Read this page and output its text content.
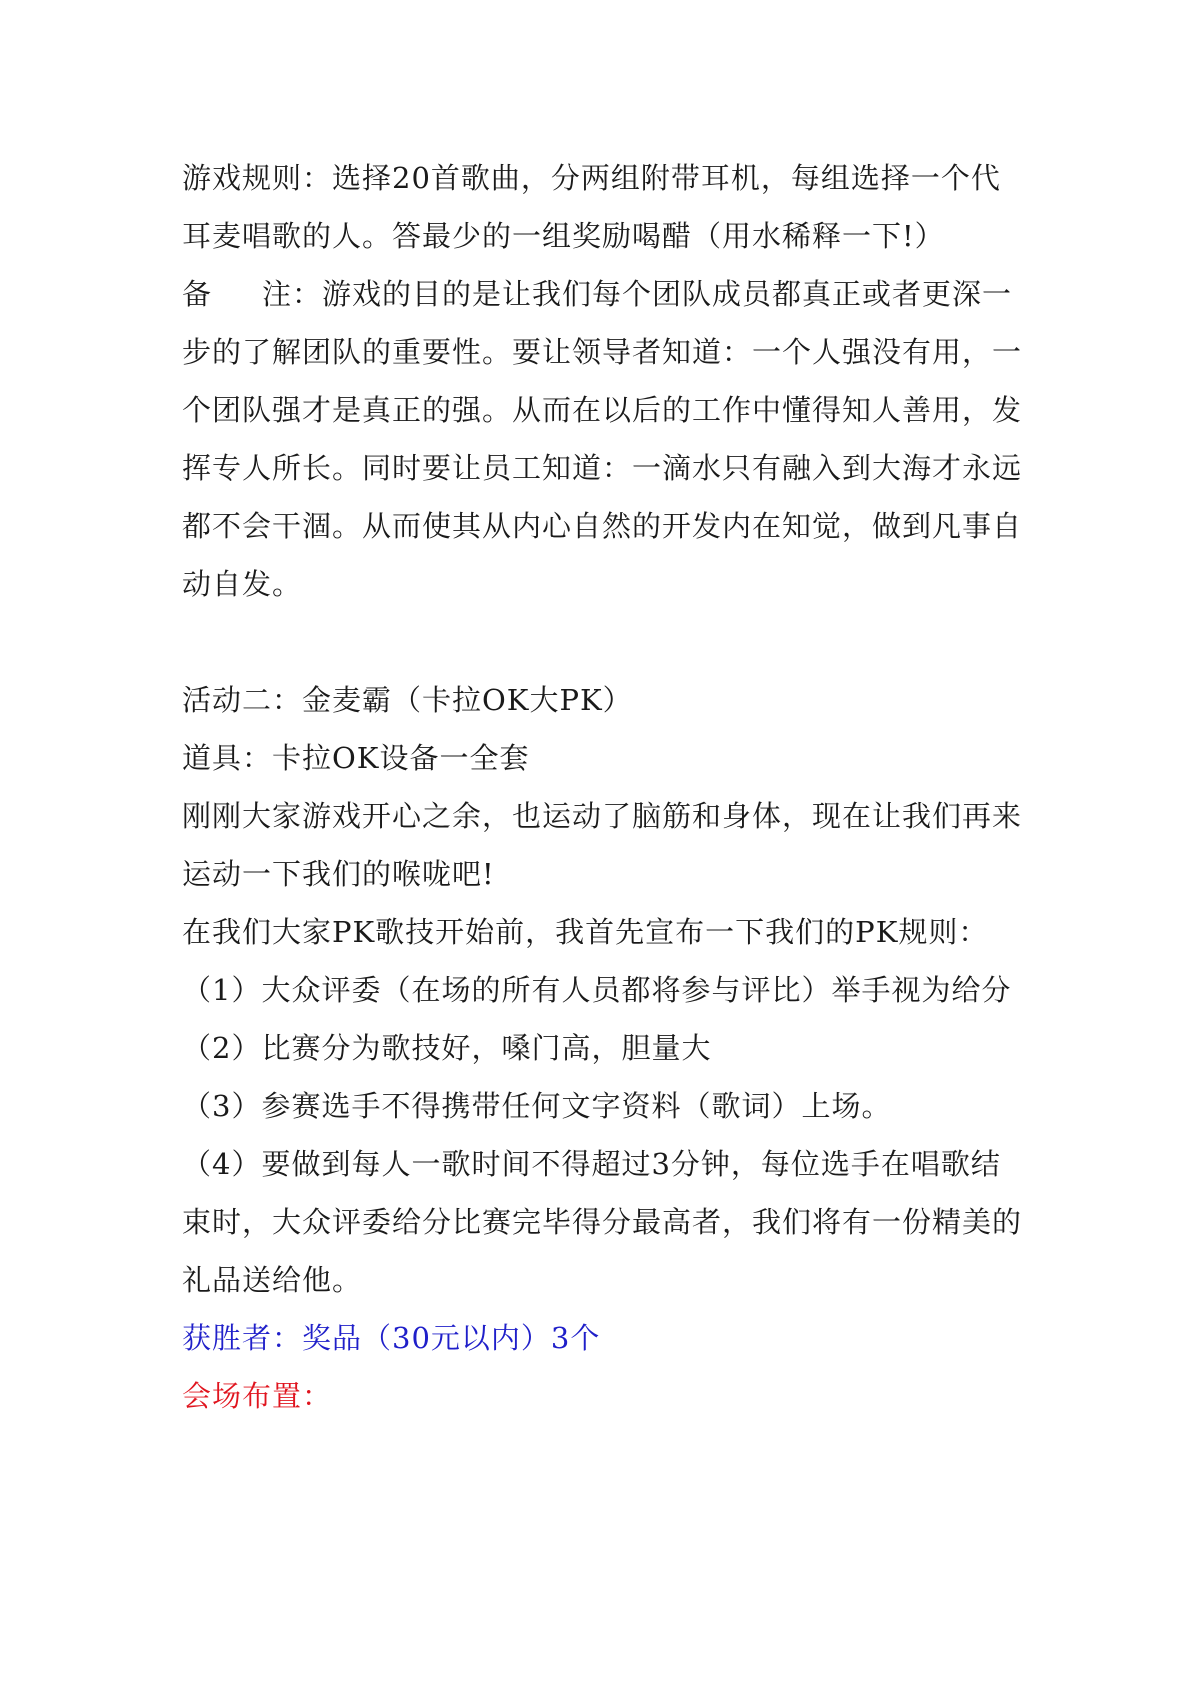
游戏规则：选择20首歌曲，分两组附带耳机，每组选择一个代
耳麦唱歌的人。答最少的一组奖励喝醋（用水稀释一下!）
备 注：游戏的目的是让我们每个团队成员都真正或者更深一
步的了解团队的重要性。要让领导者知道：一个人强没有用，一
个团队强才是真正的强。从而在以后的工作中懂得知人善用，发
挥专人所长。同时要让员工知道：一滴水只有融入到大海才永远
都不会干涸。从而使其从内心自然的开发内在知觉，做到凡事自
动自发。
活动二：金麦霸（卡拉OK大PK）
道具：卡拉OK设备一全套
刚刚大家游戏开心之余，也运动了脑筋和身体，现在让我们再来
运动一下我们的喉咙吧!
在我们大家PK歌技开始前，我首先宣布一下我们的PK规则：
（1）大众评委（在场的所有人员都将参与评比）举手视为给分
（2）比赛分为歌技好，嗓门高，胆量大
（3）参赛选手不得携带任何文字资料（歌词）上场。
（4）要做到每人一歌时间不得超过3分钟，每位选手在唱歌结
束时，大众评委给分比赛完毕得分最高者，我们将有一份精美的
礼品送给他。
获胜者：奖品（30元以内）3个
会场布置：
